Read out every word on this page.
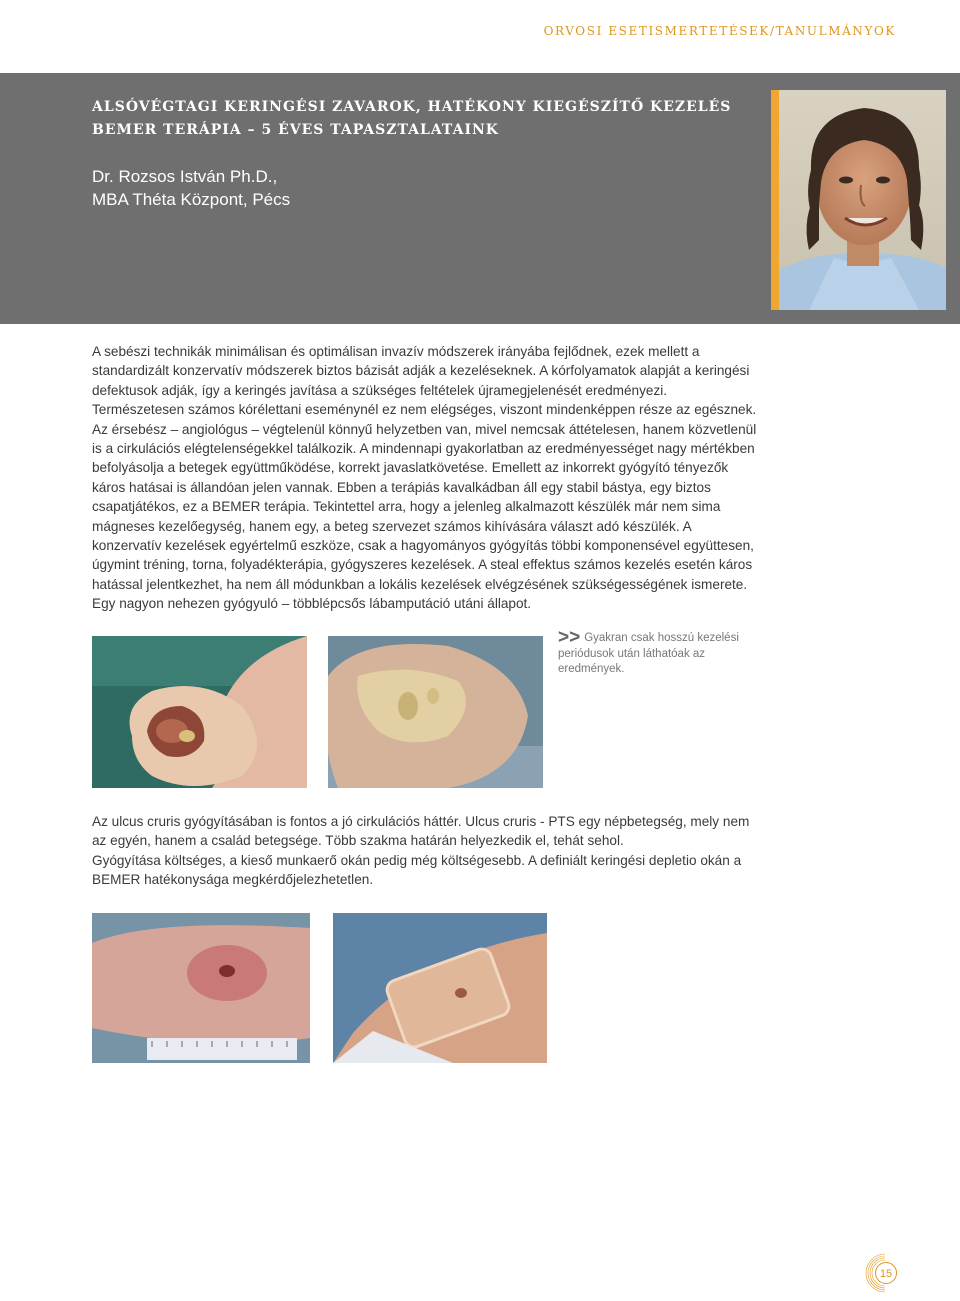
ORVOSI ESETISMERTETÉSEK/TANULMÁNYOK
ALSÓVÉGTAGI KERINGÉSI ZAVAROK, HATÉKONY KIEGÉSZÍTŐ KEZELÉS
BEMER TERÁPIA – 5 ÉVES TAPASZTALATAINK
Dr. Rozsos István Ph.D.,
MBA Théta Központ, Pécs

A sebészi technikák minimálisan és optimálisan invazív módszerek irányába fejlődnek, ezek mellett a standardizált konzervatív módszerek biztos bázisát adják a kezeléseknek. A kórfolyamatok alapját a keringési defektusok adják, így a keringés javítása a szükséges feltételek újramegjelenését eredményezi. Természetesen számos kórélettani eseménynél ez nem elégséges, viszont mindenképpen része az egésznek. Az érsebész – angiológus – végtelenül könnyű helyzetben van, mivel nemcsak áttételesen, hanem közvetlenül is a cirkulációs elégtelenségekkel találkozik. A mindennapi gyakorlatban az eredményességet nagy mértékben befolyásolja a betegek együttműködése, korrekt javaslatkövetése. Emellett az inkorrekt gyógyító tényezők káros hatásai is állandóan jelen vannak. Ebben a terápiás kavalkádban áll egy stabil bástya, egy biztos csapatjátékos, ez a BEMER terápia. Tekintettel arra, hogy a jelenleg alkalmazott készülék már nem sima mágneses kezelőegység, hanem egy, a beteg szervezet számos kihívására választ adó készülék. A konzervatív kezelések egyértelmű eszköze, csak a hagyományos gyógyítás többi komponensével együttesen, úgymint tréning, torna, folyadékterápia, gyógyszeres kezelések. A steal effektus számos kezelés esetén káros hatással jelentkezhet, ha nem áll módunkban a lokális kezelések elvégzésének szükségességének ismerete. Egy nagyon nehezen gyógyuló – többlépcsős lábamputáció utáni állapot.

>> Gyakran csak hosszú kezelési periódusok után láthatóak az eredmények.

Az ulcus cruris gyógyításában is fontos a jó cirkulációs háttér. Ulcus cruris - PTS egy népbetegség, mely nem az egyén, hanem a család betegsége. Több szakma határán helyezkedik el, tehát sehol.

Gyógyítása költséges, a kieső munkaerő okán pedig még költségesebb. A definiált keringési depletio okán a BEMER hatékonysága megkérdőjelezhetetlen.

15
